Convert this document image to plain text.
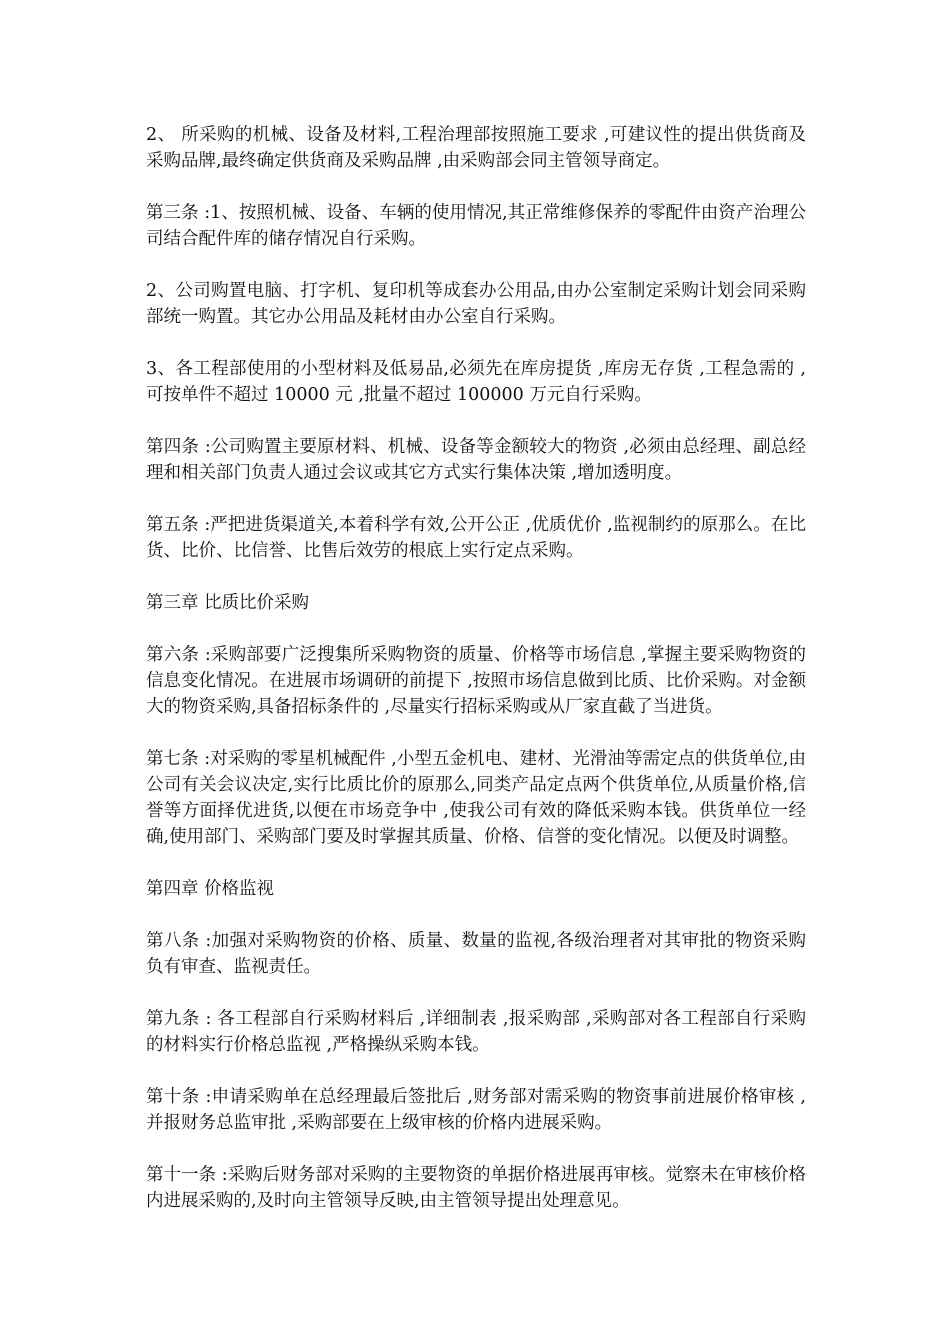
2、 所采购的机械、设备及材料,工程治理部按照施工要求 ,可建议性的提出供货商及采购品牌,最终确定供货商及采购品牌 ,由采购部会同主管领导商定。

第三条 :1、按照机械、设备、车辆的使用情况,其正常维修保养的零配件由资产治理公司结合配件库的储存情况自行采购。

2、公司购置电脑、打字机、复印机等成套办公用品,由办公室制定采购计划会同采购部统一购置。其它办公用品及耗材由办公室自行采购。

3、各工程部使用的小型材料及低易品,必须先在库房提货 ,库房无存货 ,工程急需的 ,可按单件不超过 10000 元 ,批量不超过 100000 万元自行采购。

第四条 :公司购置主要原材料、机械、设备等金额较大的物资 ,必须由总经理、副总经理和相关部门负责人通过会议或其它方式实行集体决策 ,增加透明度。

第五条 :严把进货渠道关,本着科学有效,公开公正 ,优质优价 ,监视制约的原那么。在比货、比价、比信誉、比售后效劳的根底上实行定点采购。

第三章 比质比价采购

第六条 :采购部要广泛搜集所采购物资的质量、价格等市场信息 ,掌握主要采购物资的信息变化情况。在进展市场调研的前提下 ,按照市场信息做到比质、比价采购。对金额大的物资采购,具备招标条件的 ,尽量实行招标采购或从厂家直截了当进货。

第七条 :对采购的零星机械配件 ,小型五金机电、建材、光滑油等需定点的供货单位,由公司有关会议决定,实行比质比价的原那么,同类产品定点两个供货单位,从质量价格,信誉等方面择优进货,以便在市场竞争中 ,使我公司有效的降低采购本钱。供货单位一经确,使用部门、采购部门要及时掌握其质量、价格、信誉的变化情况。以便及时调整。

第四章 价格监视

第八条 :加强对采购物资的价格、质量、数量的监视,各级治理者对其审批的物资采购负有审查、监视责任。

第九条 : 各工程部自行采购材料后 ,详细制表 ,报采购部 ,采购部对各工程部自行采购的材料实行价格总监视 ,严格操纵采购本钱。

第十条 :申请采购单在总经理最后签批后 ,财务部对需采购的物资事前进展价格审核 ,并报财务总监审批 ,采购部要在上级审核的价格内进展采购。

第十一条 :采购后财务部对采购的主要物资的单据价格进展再审核。觉察未在审核价格内进展采购的,及时向主管领导反映,由主管领导提出处理意见。
